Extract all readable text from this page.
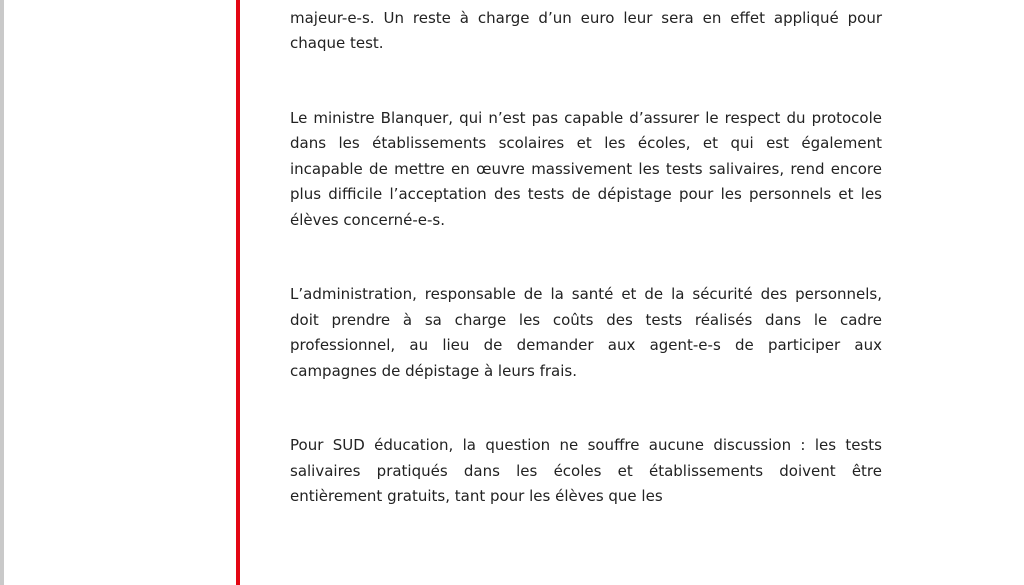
majeur-e-s. Un reste à charge d’un euro leur sera en effet appliqué pour chaque test.

Le ministre Blanquer, qui n’est pas capable d’assurer le respect du protocole dans les établissements scolaires et les écoles, et qui est également incapable de mettre en œuvre massivement les tests salivaires, rend encore plus difficile l’acceptation des tests de dépistage pour les personnels et les élèves concerné-e-s.

L’administration, responsable de la santé et de la sécurité des personnels, doit prendre à sa charge les coûts des tests réalisés dans le cadre professionnel, au lieu de demander aux agent-e-s de participer aux campagnes de dépistage à leurs frais.

Pour SUD éducation, la question ne souffre aucune discussion : les tests salivaires pratiqués dans les écoles et établissements doivent être entièrement gratuits, tant pour les élèves que les
